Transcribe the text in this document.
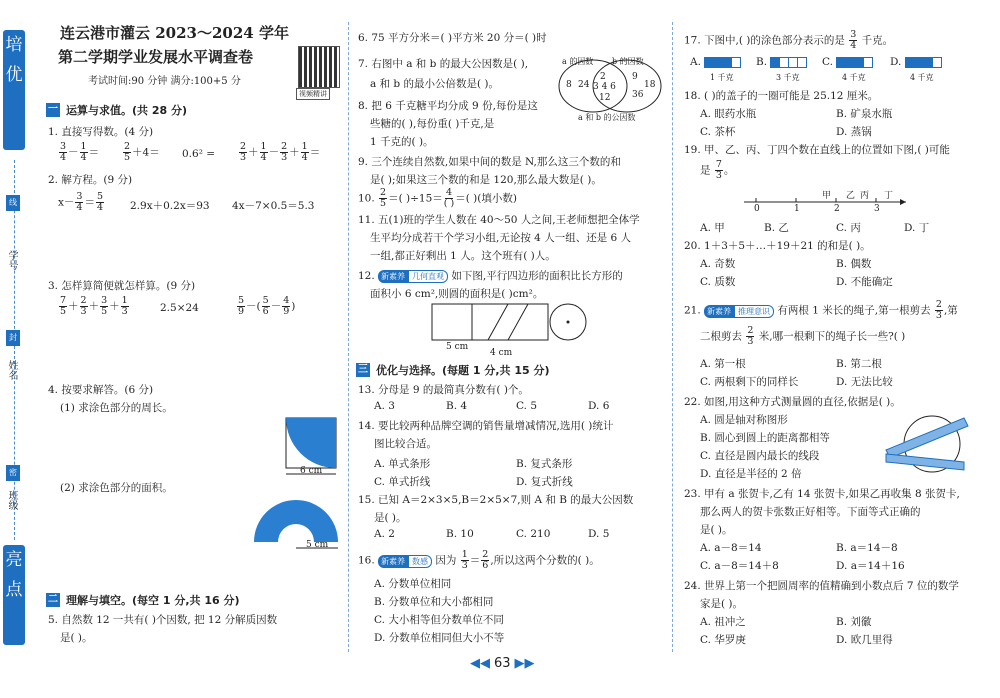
培 优
学号
姓名
班级
线
封
密
亮 点
连云港市灌云 2023～2024 学年
第二学期学业发展水平调查卷
考试时间:90 分钟 满分:100+5 分
视频精讲
一 运算与求值。(共 28 分)
1. 直接写得数。(4 分)
$\frac{3}{4} - \frac{1}{4}$ ＝	$\frac{2}{5} +4= 0.6^2$ =	$\frac{2}{3} + \frac{1}{4} - \frac{2}{3} + \frac{1}{4}$ ＝
2. 解方程。(9 分)
$x- \frac{3}{4} = \frac{5}{4} 2.9x+0.2x=93$ 4x－7×0.5＝5.3
3. 怎样算简便就怎样算。(9 分)
$\frac{7}{5} + \frac{2}{3} + \frac{3}{5} + \frac{1}{3}$	2.5×24	$\frac{5}{9}$ －( $\frac{5}{6} - \frac{4}{9}$ )
4. 按要求解答。(6 分)
(1) 求涂色部分的周长。
6 cm
(2) 求涂色部分的面积。
5 cm
二 理解与填空。(每空 1 分,共 16 分)
5. 自然数 12 一共有( )个因数, 把 12 分解质因数
是( )。
6. 75 平方分米＝( )平方米 20 分＝( )时
7. 右图中 a 和 b 的最大公因数是( ),
a 和 b 的最小公倍数是( )。
a 的因数 b 的因数
8 24
2
3 4 6
12
9
18
36
a 和 b 的公因数
8. 把 6 千克糖平均分成 9 份,每份是这
些糖的( ),每份重( )千克,是
1 千克的( )。
9. 三个连续自然数,如果中间的数是 N,那么这三个数的和
是( );如果这三个数的和是 120,那么最大数是( )。
10. $\frac{2}{5}$ ＝( )$\div 15= \frac{4}{( )}$ ＝( )(填小数)
11. 五(1)班的学生人数在 40～50 人之间,王老师想把全体学
生平均分成若干个学习小组,无论按 4 人一组、还是 6 人
一组,都正好剩出 1 人。这个班有( )人。
12. 新素养 几何直观 如下图,平行四边形的面积比长方形的
面积小 6 cm²,则圆的面积是( )cm²。
5 cm
4 cm
三 优化与选择。(每题 1 分,共 15 分)
13. 分母是 9 的最简真分数有( )个。
A. 3	B. 4	C. 5	D. 6
14. 要比较两种品牌空调的销售量增减情况,选用( )统计
图比较合适。
A. 单式条形	B. 复式条形
C. 单式折线	D. 复式折线
15. 已知 A＝2×3×5,B＝2×5×7,则 A 和 B 的最大公因数
是( )。
A. 2	B. 10	C. 210	D. 5
16. 新素养 数感 因为 $\frac{1}{3} = \frac{2}{6}$ ,所以这两个分数的( )。
A. 分数单位相同
B. 分数单位和大小都相同
C. 大小相等但分数单位不同
D. 分数单位相同但大小不等
17. 下图中,( )的涂色部分表示的是 $\frac{3}{4}$ 千克。
A.	B.	C.	D.
1 千克	3 千克	4 千克	4 千克
18. ( )的盖子的一圈可能是 25.12 厘米。
A. 眼药水瓶	B. 矿泉水瓶
C. 茶杯	D. 蒸锅
19. 甲、乙、丙、丁四个数在直线上的位置如下图,( )可能
是 $\frac{7}{3}$ 。
0	1	2	3
甲 乙 丙 丁
A. 甲	B. 乙	C. 丙	D. 丁
20. 1＋3＋5＋…＋19＋21 的和是( )。
A. 奇数	B. 偶数
C. 质数	D. 不能确定
21. 新素养 推理意识 有两根 1 米长的绳子,第一根剪去 $\frac{2}{3}$ ,第
二根剪去 $\frac{2}{3}$ 米,哪一根剩下的绳子长一些?( )
A. 第一根	B. 第二根
C. 两根剩下的同样长	D. 无法比较
22. 如图,用这种方式测量圆的直径,依据是( )。
A. 圆是轴对称图形
B. 圆心到圆上的距离都相等
C. 直径是圆内最长的线段
D. 直径是半径的 2 倍
23. 甲有 a 张贺卡,乙有 14 张贺卡,如果乙再收集 8 张贺卡,
那么两人的贺卡张数正好相等。下面等式正确的
是( )。
A. a－8＝14	B. a＝14－8
C. a－8＝14＋8	D. a＝14＋16
24. 世界上第一个把圆周率的值精确到小数点后 7 位的数学
家是( )。
A. 祖冲之	B. 刘徽
C. 华罗庚	D. 欧几里得
◀◀ 63 ▶▶
